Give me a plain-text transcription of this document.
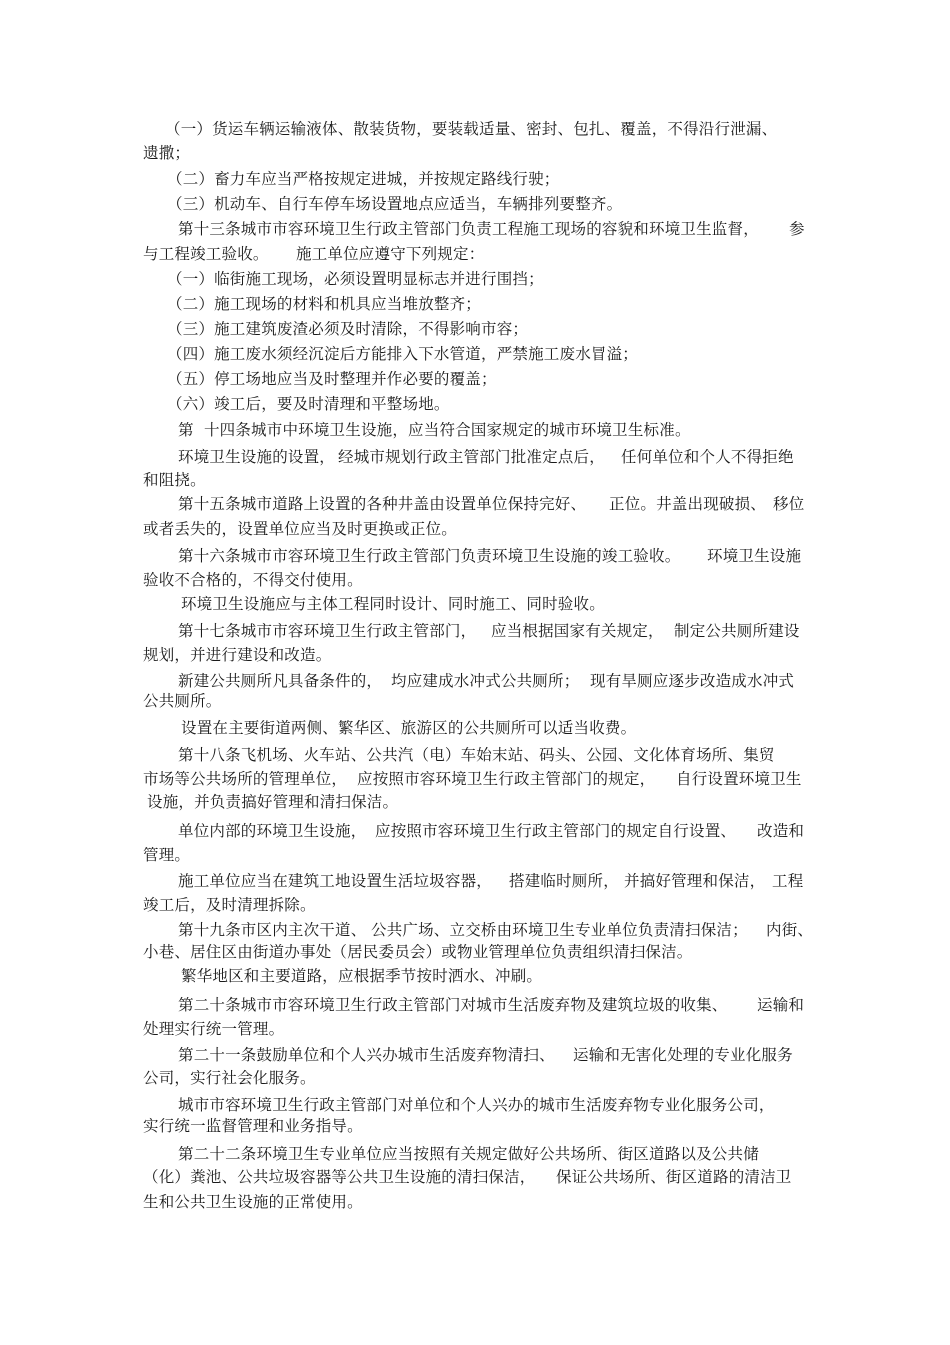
（一）货运车辆运输液体、散装货物，要装载适量、密封、包扎、覆盖，不得沿行泄漏、
遗撒；
（二）畜力车应当严格按规定进城，并按规定路线行驶；
（三）机动车、自行车停车场设置地点应适当，车辆排列要整齐。
第十三条城市市容环境卫生行政主管部门负责工程施工现场的容貌和环境卫生监督， 参
与工程竣工验收。 施工单位应遵守下列规定：
（一）临街施工现场，必须设置明显标志并进行围挡；
（二）施工现场的材料和机具应当堆放整齐；
（三）施工建筑废渣必须及时清除，不得影响市容；
（四）施工废水须经沉淀后方能排入下水管道，严禁施工废水冒溢；
（五）停工场地应当及时整理并作必要的覆盖；
（六）竣工后，要及时清理和平整场地。
第  十四条城市中环境卫生设施，应当符合国家规定的城市环境卫生标准。
环境卫生设施的设置， 经城市规划行政主管部门批准定点后， 任何单位和个人不得拒绝
和阻挠。
第十五条城市道路上设置的各种井盖由设置单位保持完好、 正位。井盖出现破损、 移位
或者丢失的，设置单位应当及时更换或正位。
第十六条城市市容环境卫生行政主管部门负责环境卫生设施的竣工验收。 环境卫生设施
验收不合格的，不得交付使用。
环境卫生设施应与主体工程同时设计、同时施工、同时验收。
第十七条城市市容环境卫生行政主管部门， 应当根据国家有关规定， 制定公共厕所建设
规划，并进行建设和改造。
新建公共厕所凡具备条件的， 均应建成水冲式公共厕所； 现有旱厕应逐步改造成水冲式
公共厕所。
设置在主要街道两侧、繁华区、旅游区的公共厕所可以适当收费。
第十八条飞机场、火车站、公共汽（电）车始末站、码头、公园、文化体育场所、集贸
市场等公共场所的管理单位， 应按照市容环境卫生行政主管部门的规定， 自行设置环境卫生
设施，并负责搞好管理和清扫保洁。
单位内部的环境卫生设施， 应按照市容环境卫生行政主管部门的规定自行设置、 改造和
管理。
施工单位应当在建筑工地设置生活垃圾容器， 搭建临时厕所， 并搞好管理和保洁， 工程
竣工后，及时清理拆除。
第十九条市区内主次干道、 公共广场、立交桥由环境卫生专业单位负责清扫保洁； 内街、
小巷、居住区由街道办事处（居民委员会）或物业管理单位负责组织清扫保洁。
繁华地区和主要道路，应根据季节按时洒水、冲刷。
第二十条城市市容环境卫生行政主管部门对城市生活废弃物及建筑垃圾的收集、 运输和
处理实行统一管理。
第二十一条鼓励单位和个人兴办城市生活废弃物清扫、 运输和无害化处理的专业化服务
公司，实行社会化服务。
城市市容环境卫生行政主管部门对单位和个人兴办的城市生活废弃物专业化服务公司，
实行统一监督管理和业务指导。
第二十二条环境卫生专业单位应当按照有关规定做好公共场所、街区道路以及公共储
（化）粪池、公共垃圾容器等公共卫生设施的清扫保洁， 保证公共场所、街区道路的清洁卫
生和公共卫生设施的正常使用。
